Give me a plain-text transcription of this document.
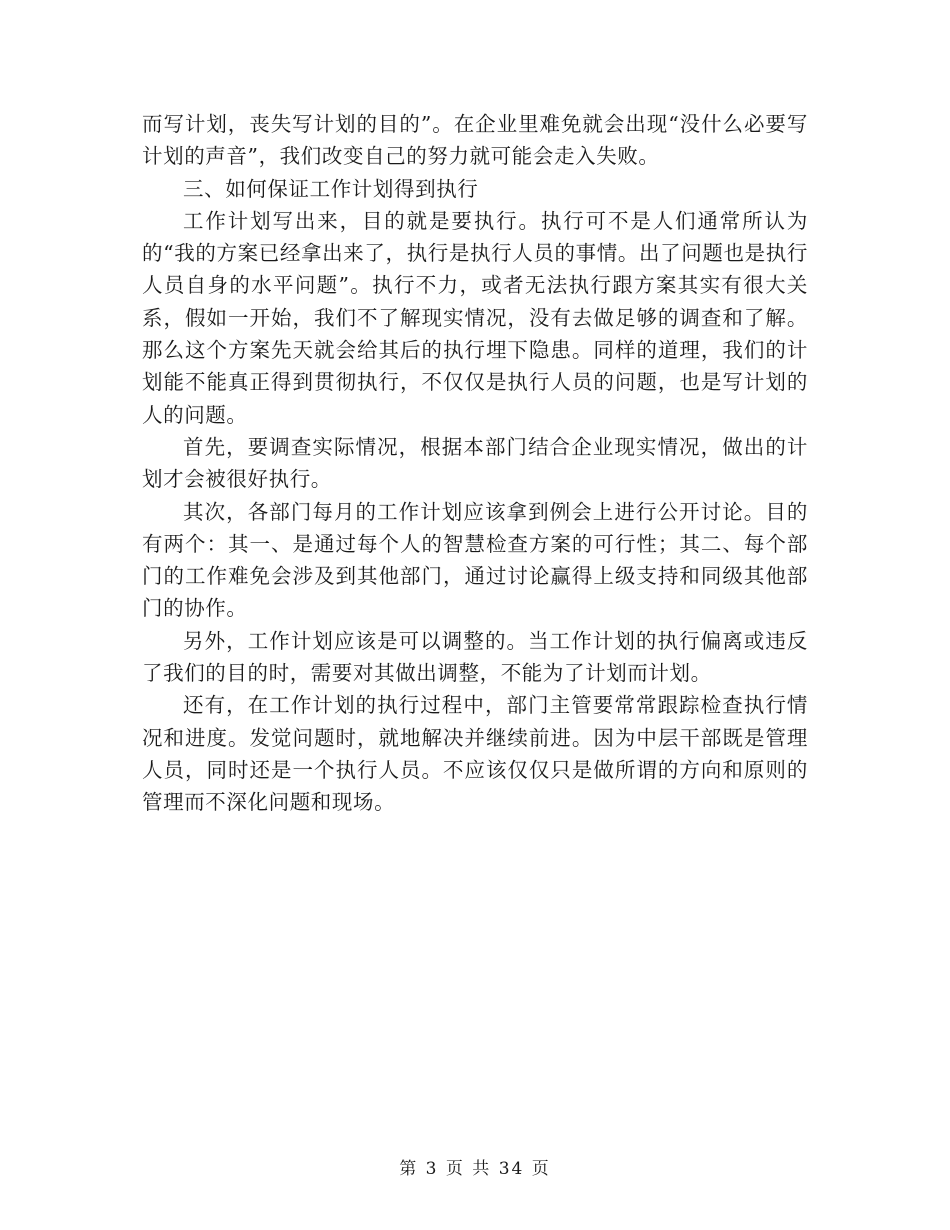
而写计划，丧失写计划的目的”。在企业里难免就会出现“没什么必要写计划的声音”，我们改变自己的努力就可能会走入失败。

三、如何保证工作计划得到执行

工作计划写出来，目的就是要执行。执行可不是人们通常所认为的“我的方案已经拿出来了，执行是执行人员的事情。出了问题也是执行人员自身的水平问题”。执行不力，或者无法执行跟方案其实有很大关系，假如一开始，我们不了解现实情况，没有去做足够的调查和了解。那么这个方案先天就会给其后的执行埋下隐患。同样的道理，我们的计划能不能真正得到贯彻执行，不仅仅是执行人员的问题，也是写计划的人的问题。

首先，要调查实际情况，根据本部门结合企业现实情况，做出的计划才会被很好执行。

其次，各部门每月的工作计划应该拿到例会上进行公开讨论。目的有两个：其一、是通过每个人的智慧检查方案的可行性；其二、每个部门的工作难免会涉及到其他部门，通过讨论赢得上级支持和同级其他部门的协作。

另外，工作计划应该是可以调整的。当工作计划的执行偏离或违反了我们的目的时，需要对其做出调整，不能为了计划而计划。

还有，在工作计划的执行过程中，部门主管要常常跟踪检查执行情况和进度。发觉问题时，就地解决并继续前进。因为中层干部既是管理人员，同时还是一个执行人员。不应该仅仅只是做所谓的方向和原则的管理而不深化问题和现场。

第 3 页 共 34 页
